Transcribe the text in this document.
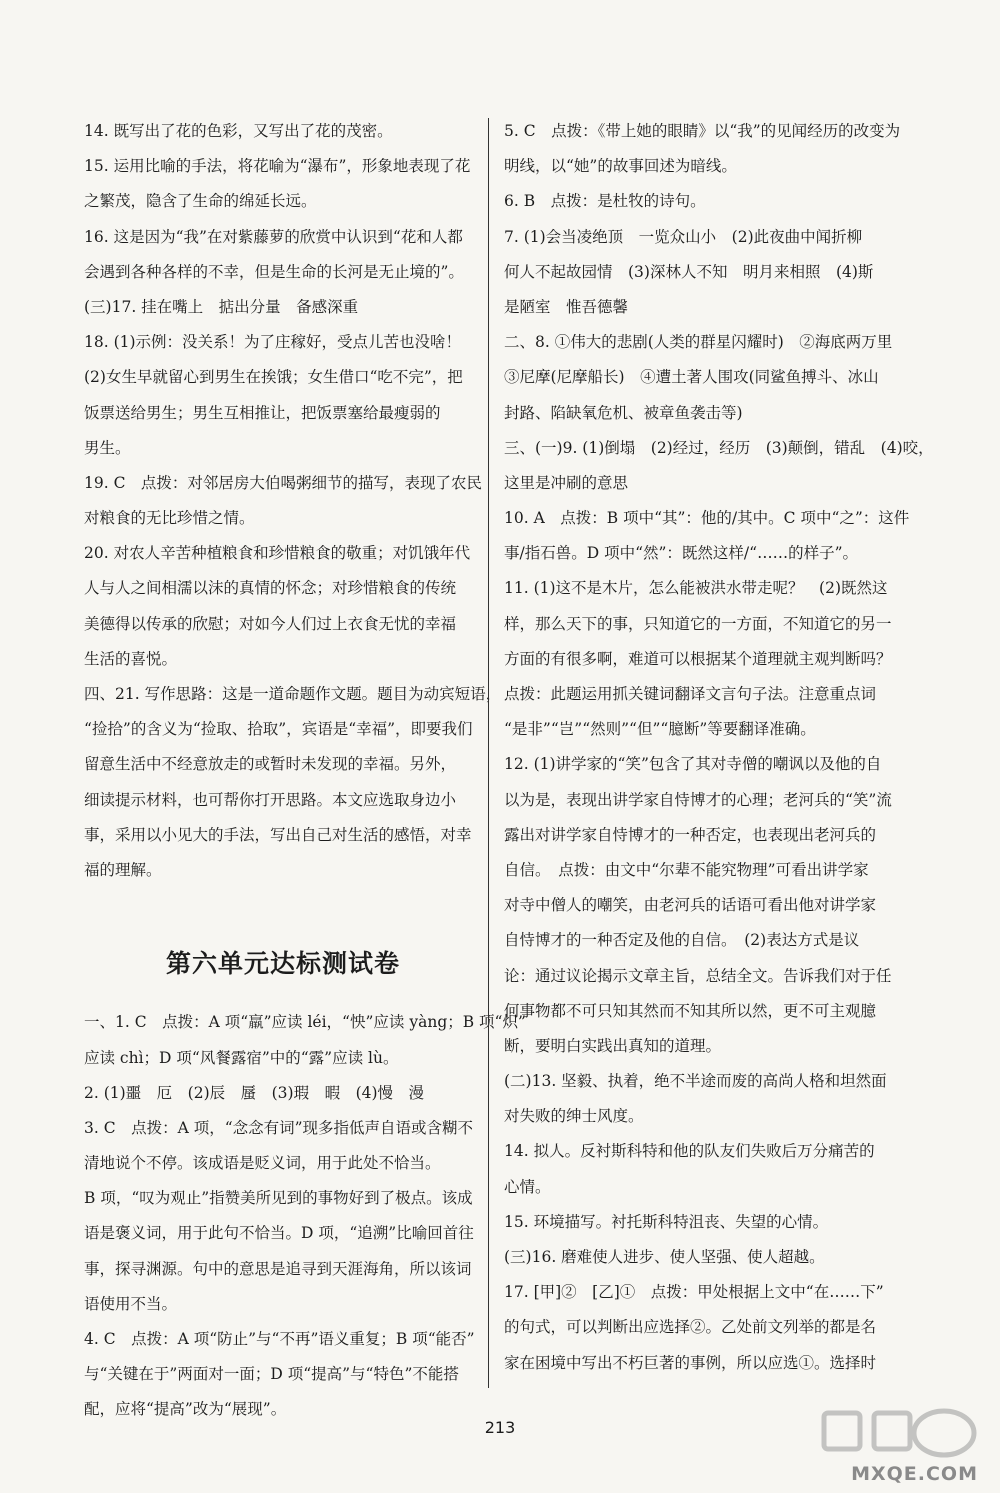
14. 既写出了花的色彩，又写出了花的茂密。
15. 运用比喻的手法，将花喻为“瀑布”，形象地表现了花
之繁茂，隐含了生命的绵延长远。
16. 这是因为“我”在对紫藤萝的欣赏中认识到“花和人都
会遇到各种各样的不幸，但是生命的长河是无止境的”。
(三)17. 挂在嘴上　掂出分量　备感深重
18. (1)示例：没关系！为了庄稼好，受点儿苦也没啥！
(2)女生早就留心到男生在挨饿；女生借口“吃不完”，把
饭票送给男生；男生互相推让，把饭票塞给最瘦弱的
男生。
19. C　点拨：对邻居房大伯喝粥细节的描写，表现了农民
对粮食的无比珍惜之情。
20. 对农人辛苦种植粮食和珍惜粮食的敬重；对饥饿年代
人与人之间相濡以沫的真情的怀念；对珍惜粮食的传统
美德得以传承的欣慰；对如今人们过上衣食无忧的幸福
生活的喜悦。
四、21. 写作思路：这是一道命题作文题。题目为动宾短语，
“捡拾”的含义为“捡取、拾取”，宾语是“幸福”，即要我们
留意生活中不经意放走的或暂时未发现的幸福。另外，
细读提示材料，也可帮你打开思路。本文应选取身边小
事，采用以小见大的手法，写出自己对生活的感悟，对幸
福的理解。
第六单元达标测试卷
一、1. C　点拨：A 项“羸”应读 léi，“怏”应读 yàng；B 项“炽”
应读 chì；D 项“风餐露宿”中的“露”应读 lù。
2. (1)噩　厄　(2)辰　蜃　(3)瑕　暇　(4)慢　漫
3. C　点拨：A 项，“念念有词”现多指低声自语或含糊不
清地说个不停。该成语是贬义词，用于此处不恰当。
B 项，“叹为观止”指赞美所见到的事物好到了极点。该成
语是褒义词，用于此句不恰当。D 项，“追溯”比喻回首往
事，探寻渊源。句中的意思是追寻到天涯海角，所以该词
语使用不当。
4. C　点拨：A 项“防止”与“不再”语义重复；B 项“能否”
与“关键在于”两面对一面；D 项“提高”与“特色”不能搭
配，应将“提高”改为“展现”。
5. C　点拨：《带上她的眼睛》以“我”的见闻经历的改变为
明线，以“她”的故事回述为暗线。
6. B　点拨：是杜牧的诗句。
7. (1)会当凌绝顶　一览众山小　(2)此夜曲中闻折柳
何人不起故园情　(3)深林人不知　明月来相照　(4)斯
是陋室　惟吾德馨
二、8. ①伟大的悲剧(人类的群星闪耀时)　②海底两万里
③尼摩(尼摩船长)　④遭土著人围攻(同鲨鱼搏斗、冰山
封路、陷缺氧危机、被章鱼袭击等)
三、(一)9. (1)倒塌　(2)经过，经历　(3)颠倒，错乱　(4)咬，
这里是冲刷的意思
10. A　点拨：B 项中“其”：他的/其中。C 项中“之”：这件
事/指石兽。D 项中“然”：既然这样/“……的样子”。
11. (1)这不是木片，怎么能被洪水带走呢？　(2)既然这
样，那么天下的事，只知道它的一方面，不知道它的另一
方面的有很多啊，难道可以根据某个道理就主观判断吗？
点拨：此题运用抓关键词翻译文言句子法。注意重点词
“是非”“岂”“然则”“但”“臆断”等要翻译准确。
12. (1)讲学家的“笑”包含了其对寺僧的嘲讽以及他的自
以为是，表现出讲学家自恃博才的心理；老河兵的“笑”流
露出对讲学家自恃博才的一种否定，也表现出老河兵的
自信。　点拨：由文中“尔辈不能究物理”可看出讲学家
对寺中僧人的嘲笑，由老河兵的话语可看出他对讲学家
自恃博才的一种否定及他的自信。　(2)表达方式是议
论：通过议论揭示文章主旨，总结全文。告诉我们对于任
何事物都不可只知其然而不知其所以然，更不可主观臆
断，要明白实践出真知的道理。
(二)13. 坚毅、执着，绝不半途而废的高尚人格和坦然面
对失败的绅士风度。
14. 拟人。反衬斯科特和他的队友们失败后万分痛苦的
心情。
15. 环境描写。衬托斯科特沮丧、失望的心情。
(三)16. 磨难使人进步、使人坚强、使人超越。
17. [甲]②　[乙]①　点拨：甲处根据上文中“在……下”
的句式，可以判断出应选择②。乙处前文列举的都是名
家在困境中写出不朽巨著的事例，所以应选①。选择时
213
MXQE.COM
